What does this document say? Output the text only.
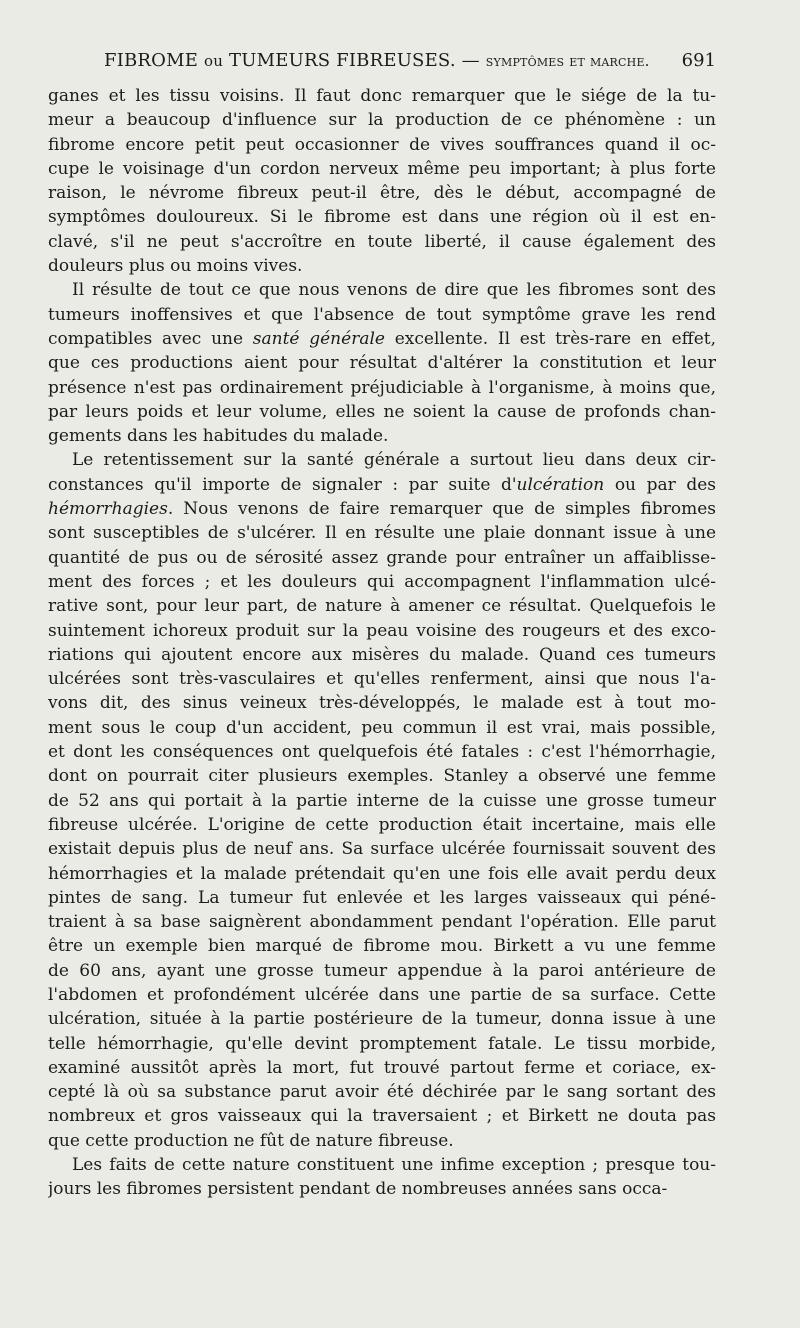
FIBROME ou TUMEURS FIBREUSES. — symptômes et marche. 691

ganes et les tissu voisins. Il faut donc remarquer que le siége de la tu-
meur a beaucoup d'influence sur la production de ce phénomène : un
fibrome encore petit peut occasionner de vives souffrances quand il oc-
cupe le voisinage d'un cordon nerveux même peu important; à plus forte
raison, le névrome fibreux peut-il être, dès le début, accompagné de
symptômes douloureux. Si le fibrome est dans une région où il est en-
clavé, s'il ne peut s'accroître en toute liberté, il cause également des
douleurs plus ou moins vives.

Il résulte de tout ce que nous venons de dire que les fibromes sont des
tumeurs inoffensives et que l'absence de tout symptôme grave les rend
compatibles avec une santé générale excellente. Il est très-rare en effet,
que ces productions aient pour résultat d'altérer la constitution et leur
présence n'est pas ordinairement préjudiciable à l'organisme, à moins que,
par leurs poids et leur volume, elles ne soient la cause de profonds chan-
gements dans les habitudes du malade.

Le retentissement sur la santé générale a surtout lieu dans deux cir-
constances qu'il importe de signaler : par suite d'ulcération ou par des
hémorrhagies. Nous venons de faire remarquer que de simples fibromes
sont susceptibles de s'ulcérer. Il en résulte une plaie donnant issue à une
quantité de pus ou de sérosité assez grande pour entraîner un affaiblisse-
ment des forces ; et les douleurs qui accompagnent l'inflammation ulcé-
rative sont, pour leur part, de nature à amener ce résultat. Quelquefois le
suintement ichoreux produit sur la peau voisine des rougeurs et des exco-
riations qui ajoutent encore aux misères du malade. Quand ces tumeurs
ulcérées sont très-vasculaires et qu'elles renferment, ainsi que nous l'a-
vons dit, des sinus veineux très-développés, le malade est à tout mo-
ment sous le coup d'un accident, peu commun il est vrai, mais possible,
et dont les conséquences ont quelquefois été fatales : c'est l'hémorrhagie,
dont on pourrait citer plusieurs exemples. Stanley a observé une femme
de 52 ans qui portait à la partie interne de la cuisse une grosse tumeur
fibreuse ulcérée. L'origine de cette production était incertaine, mais elle
existait depuis plus de neuf ans. Sa surface ulcérée fournissait souvent des
hémorrhagies et la malade prétendait qu'en une fois elle avait perdu deux
pintes de sang. La tumeur fut enlevée et les larges vaisseaux qui péné-
traient à sa base saignèrent abondamment pendant l'opération. Elle parut
être un exemple bien marqué de fibrome mou. Birkett a vu une femme
de 60 ans, ayant une grosse tumeur appendue à la paroi antérieure de
l'abdomen et profondément ulcérée dans une partie de sa surface. Cette
ulcération, située à la partie postérieure de la tumeur, donna issue à une
telle hémorrhagie, qu'elle devint promptement fatale. Le tissu morbide,
examiné aussitôt après la mort, fut trouvé partout ferme et coriace, ex-
cepté là où sa substance parut avoir été déchirée par le sang sortant des
nombreux et gros vaisseaux qui la traversaient ; et Birkett ne douta pas
que cette production ne fût de nature fibreuse.

Les faits de cette nature constituent une infime exception ; presque tou-
jours les fibromes persistent pendant de nombreuses années sans occa-
